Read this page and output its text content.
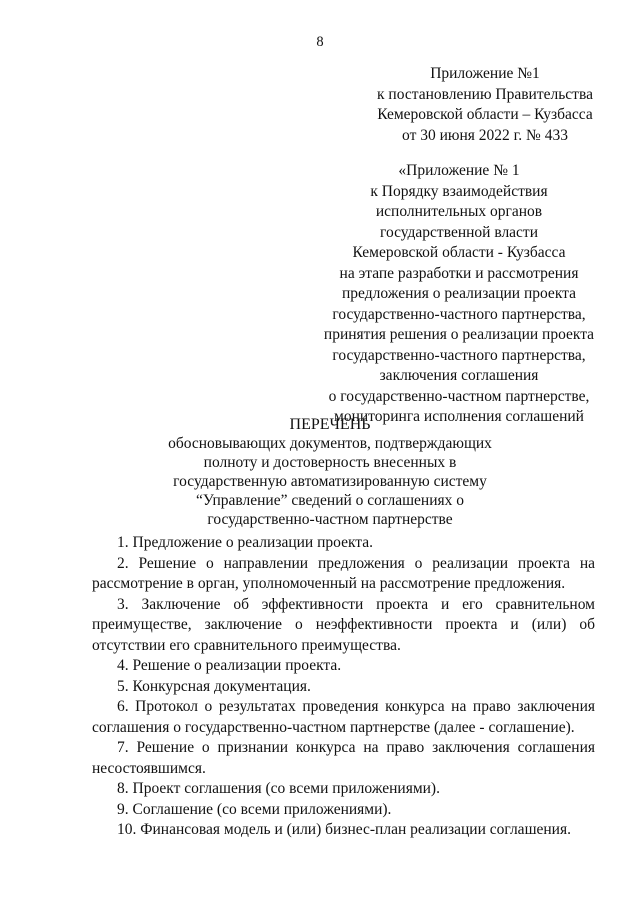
8
Приложение №1
к постановлению Правительства
Кемеровской области – Кузбасса
от 30 июня 2022 г. № 433
«Приложение № 1
к Порядку взаимодействия
исполнительных органов
государственной власти
Кемеровской области - Кузбасса
на этапе разработки и рассмотрения
предложения о реализации проекта
государственно-частного партнерства,
принятия решения о реализации проекта
государственно-частного партнерства,
заключения соглашения
о государственно-частном партнерстве,
мониторинга исполнения соглашений
ПЕРЕЧЕНЬ
обосновывающих документов, подтверждающих
полноту и достоверность внесенных в
государственную автоматизированную систему
“Управление” сведений о соглашениях о
государственно-частном партнерстве

1. Предложение о реализации проекта.

2. Решение о направлении предложения о реализации проекта на рассмотрение в орган, уполномоченный на рассмотрение предложения.

3. Заключение об эффективности проекта и его сравнительном преимуществе, заключение о неэффективности проекта и (или) об отсутствии его сравнительного преимущества.

4. Решение о реализации проекта.

5. Конкурсная документация.

6. Протокол о результатах проведения конкурса на право заключения соглашения о государственно-частном партнерстве (далее - соглашение).

7. Решение о признании конкурса на право заключения соглашения несостоявшимся.

8. Проект соглашения (со всеми приложениями).

9. Соглашение (со всеми приложениями).

10. Финансовая модель и (или) бизнес-план реализации соглашения.
